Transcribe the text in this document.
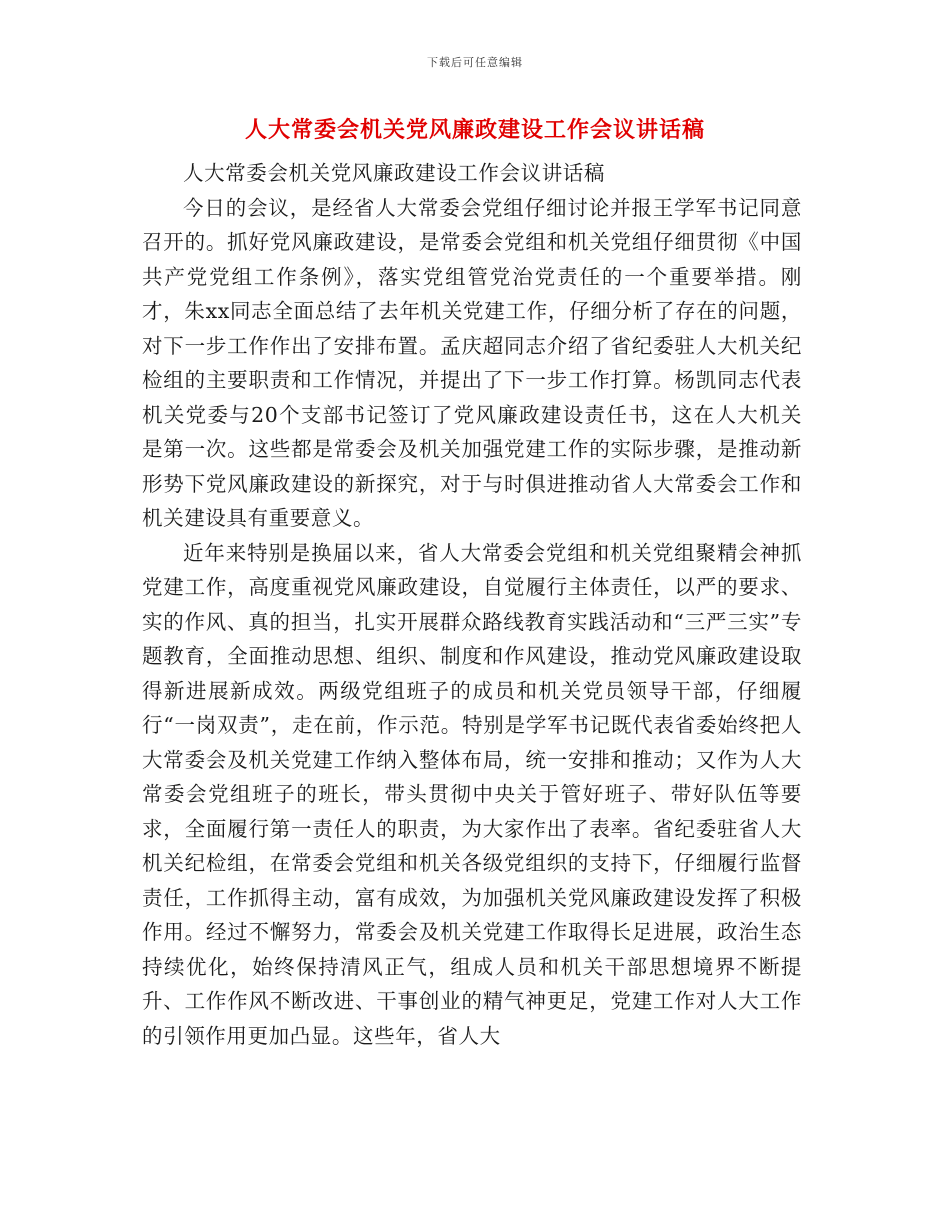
下载后可任意编辑
人大常委会机关党风廉政建设工作会议讲话稿

人大常委会机关党风廉政建设工作会议讲话稿

今日的会议，是经省人大常委会党组仔细讨论并报王学军书记同意召开的。抓好党风廉政建设，是常委会党组和机关党组仔细贯彻《中国共产党党组工作条例》，落实党组管党治党责任的一个重要举措。刚才，朱xx同志全面总结了去年机关党建工作，仔细分析了存在的问题，对下一步工作作出了安排布置。孟庆超同志介绍了省纪委驻人大机关纪检组的主要职责和工作情况，并提出了下一步工作打算。杨凯同志代表机关党委与20个支部书记签订了党风廉政建设责任书，这在人大机关是第一次。这些都是常委会及机关加强党建工作的实际步骤，是推动新形势下党风廉政建设的新探究，对于与时俱进推动省人大常委会工作和机关建设具有重要意义。

近年来特别是换届以来，省人大常委会党组和机关党组聚精会神抓党建工作，高度重视党风廉政建设，自觉履行主体责任，以严的要求、实的作风、真的担当，扎实开展群众路线教育实践活动和“三严三实”专题教育，全面推动思想、组织、制度和作风建设，推动党风廉政建设取得新进展新成效。两级党组班子的成员和机关党员领导干部，仔细履行“一岗双责”，走在前，作示范。特别是学军书记既代表省委始终把人大常委会及机关党建工作纳入整体布局，统一安排和推动；又作为人大常委会党组班子的班长，带头贯彻中央关于管好班子、带好队伍等要求，全面履行第一责任人的职责，为大家作出了表率。省纪委驻省人大机关纪检组，在常委会党组和机关各级党组织的支持下，仔细履行监督责任，工作抓得主动，富有成效，为加强机关党风廉政建设发挥了积极作用。经过不懈努力，常委会及机关党建工作取得长足进展，政治生态持续优化，始终保持清风正气，组成人员和机关干部思想境界不断提升、工作作风不断改进、干事创业的精气神更足，党建工作对人大工作的引领作用更加凸显。这些年，省人大
